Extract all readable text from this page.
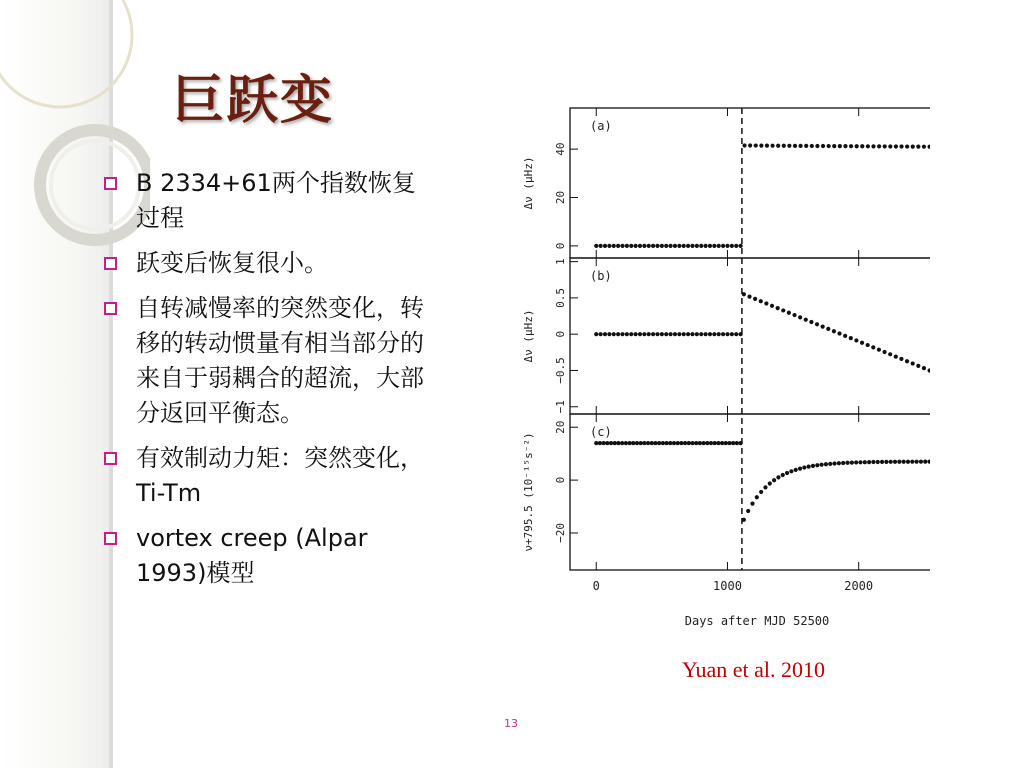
巨跃变
B 2334+61两个指数恢复过程
跃变后恢复很小。
自转减慢率的突然变化，转移的转动惯量有相当部分的来自于弱耦合的超流，大部分返回平衡态。
有效制动力矩：突然变化，Ti-Tm
vortex creep (Alpar 1993)模型
0
20
40
(a)
Δν (μHz)
−1
−0.5
0
0.5
1
(b)
Δν (μHz)
−20
0
20 (c)
ν+795.5 (10⁻¹⁵s⁻²)
0	1000	2000
Days after MJD 52500
Yuan et al. 2010
13
